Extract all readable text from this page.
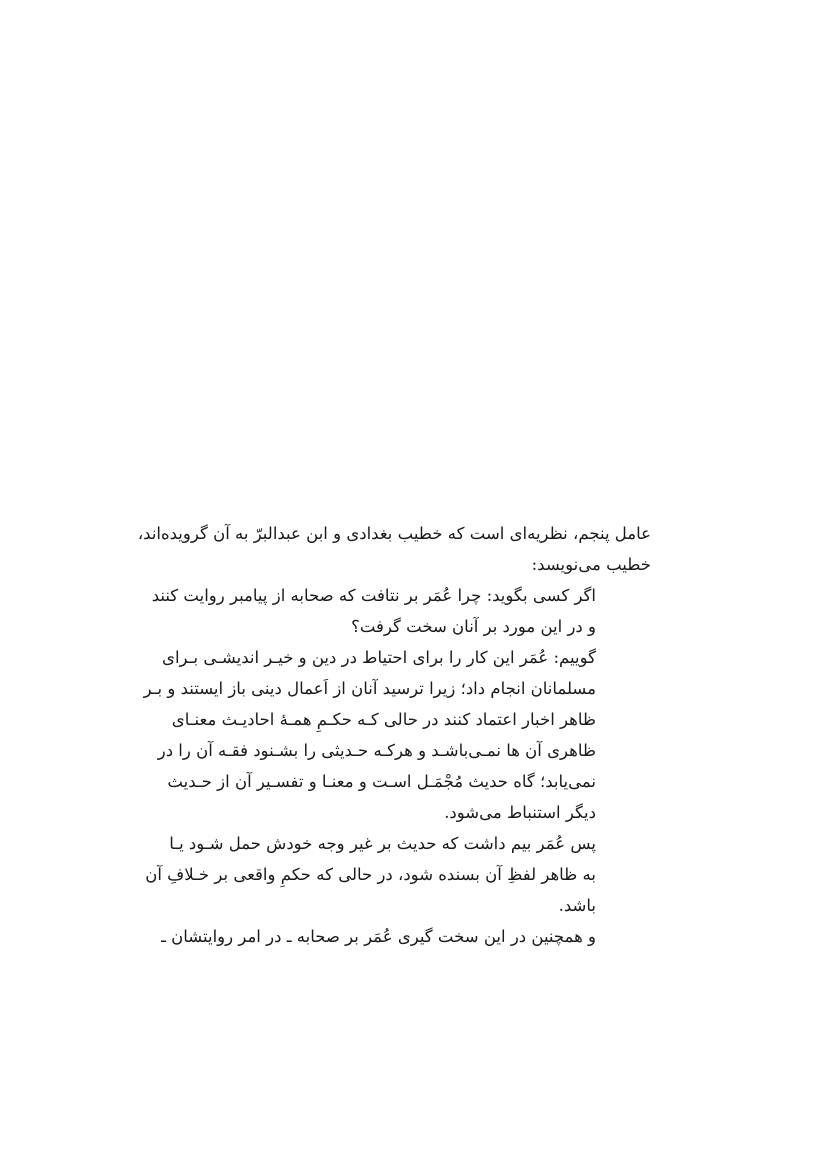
عامل پنجم، نظریه‌ای است که خطیب بغدادی و ابن عبدالبرّ به آن گرویده‌اند،
خطیب می‌نویسد:

اگر کسی بگوید: چرا عُمَر بر نتافت که صحابه از پیامبر روایت کنند
و در این مورد بر آنان سخت گرفت؟

گوییم: عُمَر این کار را برای احتیاط در دین و خیـر اندیشـی بـرای
مسلمانان انجام داد؛ زیرا ترسید آنان از اَعمال دینی باز ایستند و بـر
ظاهر اخبار اعتماد کنند در حالی کـه حکـمِ همـهٔ احادیـث معنـای
ظاهری آن ها نمـی‌باشـد و هرکـه حـدیثی را بشـنود فقـه آن را در
نمی‌یابد؛ گاه حدیث مُجْمَـل اسـت و معنـا و تفسـیر آن از حـدیث
دیگر استنباط می‌شود.

پس عُمَر بیم داشت که حدیث بر غیر وجه خودش حمل شـود یـا
به ظاهر لفظِ آن بسنده شود، در حالی که حکمِ واقعی بر خـلافِ آن
باشد.

و همچنین در این سخت گیری عُمَر بر صحابه ـ در امر روایتشان ـ
